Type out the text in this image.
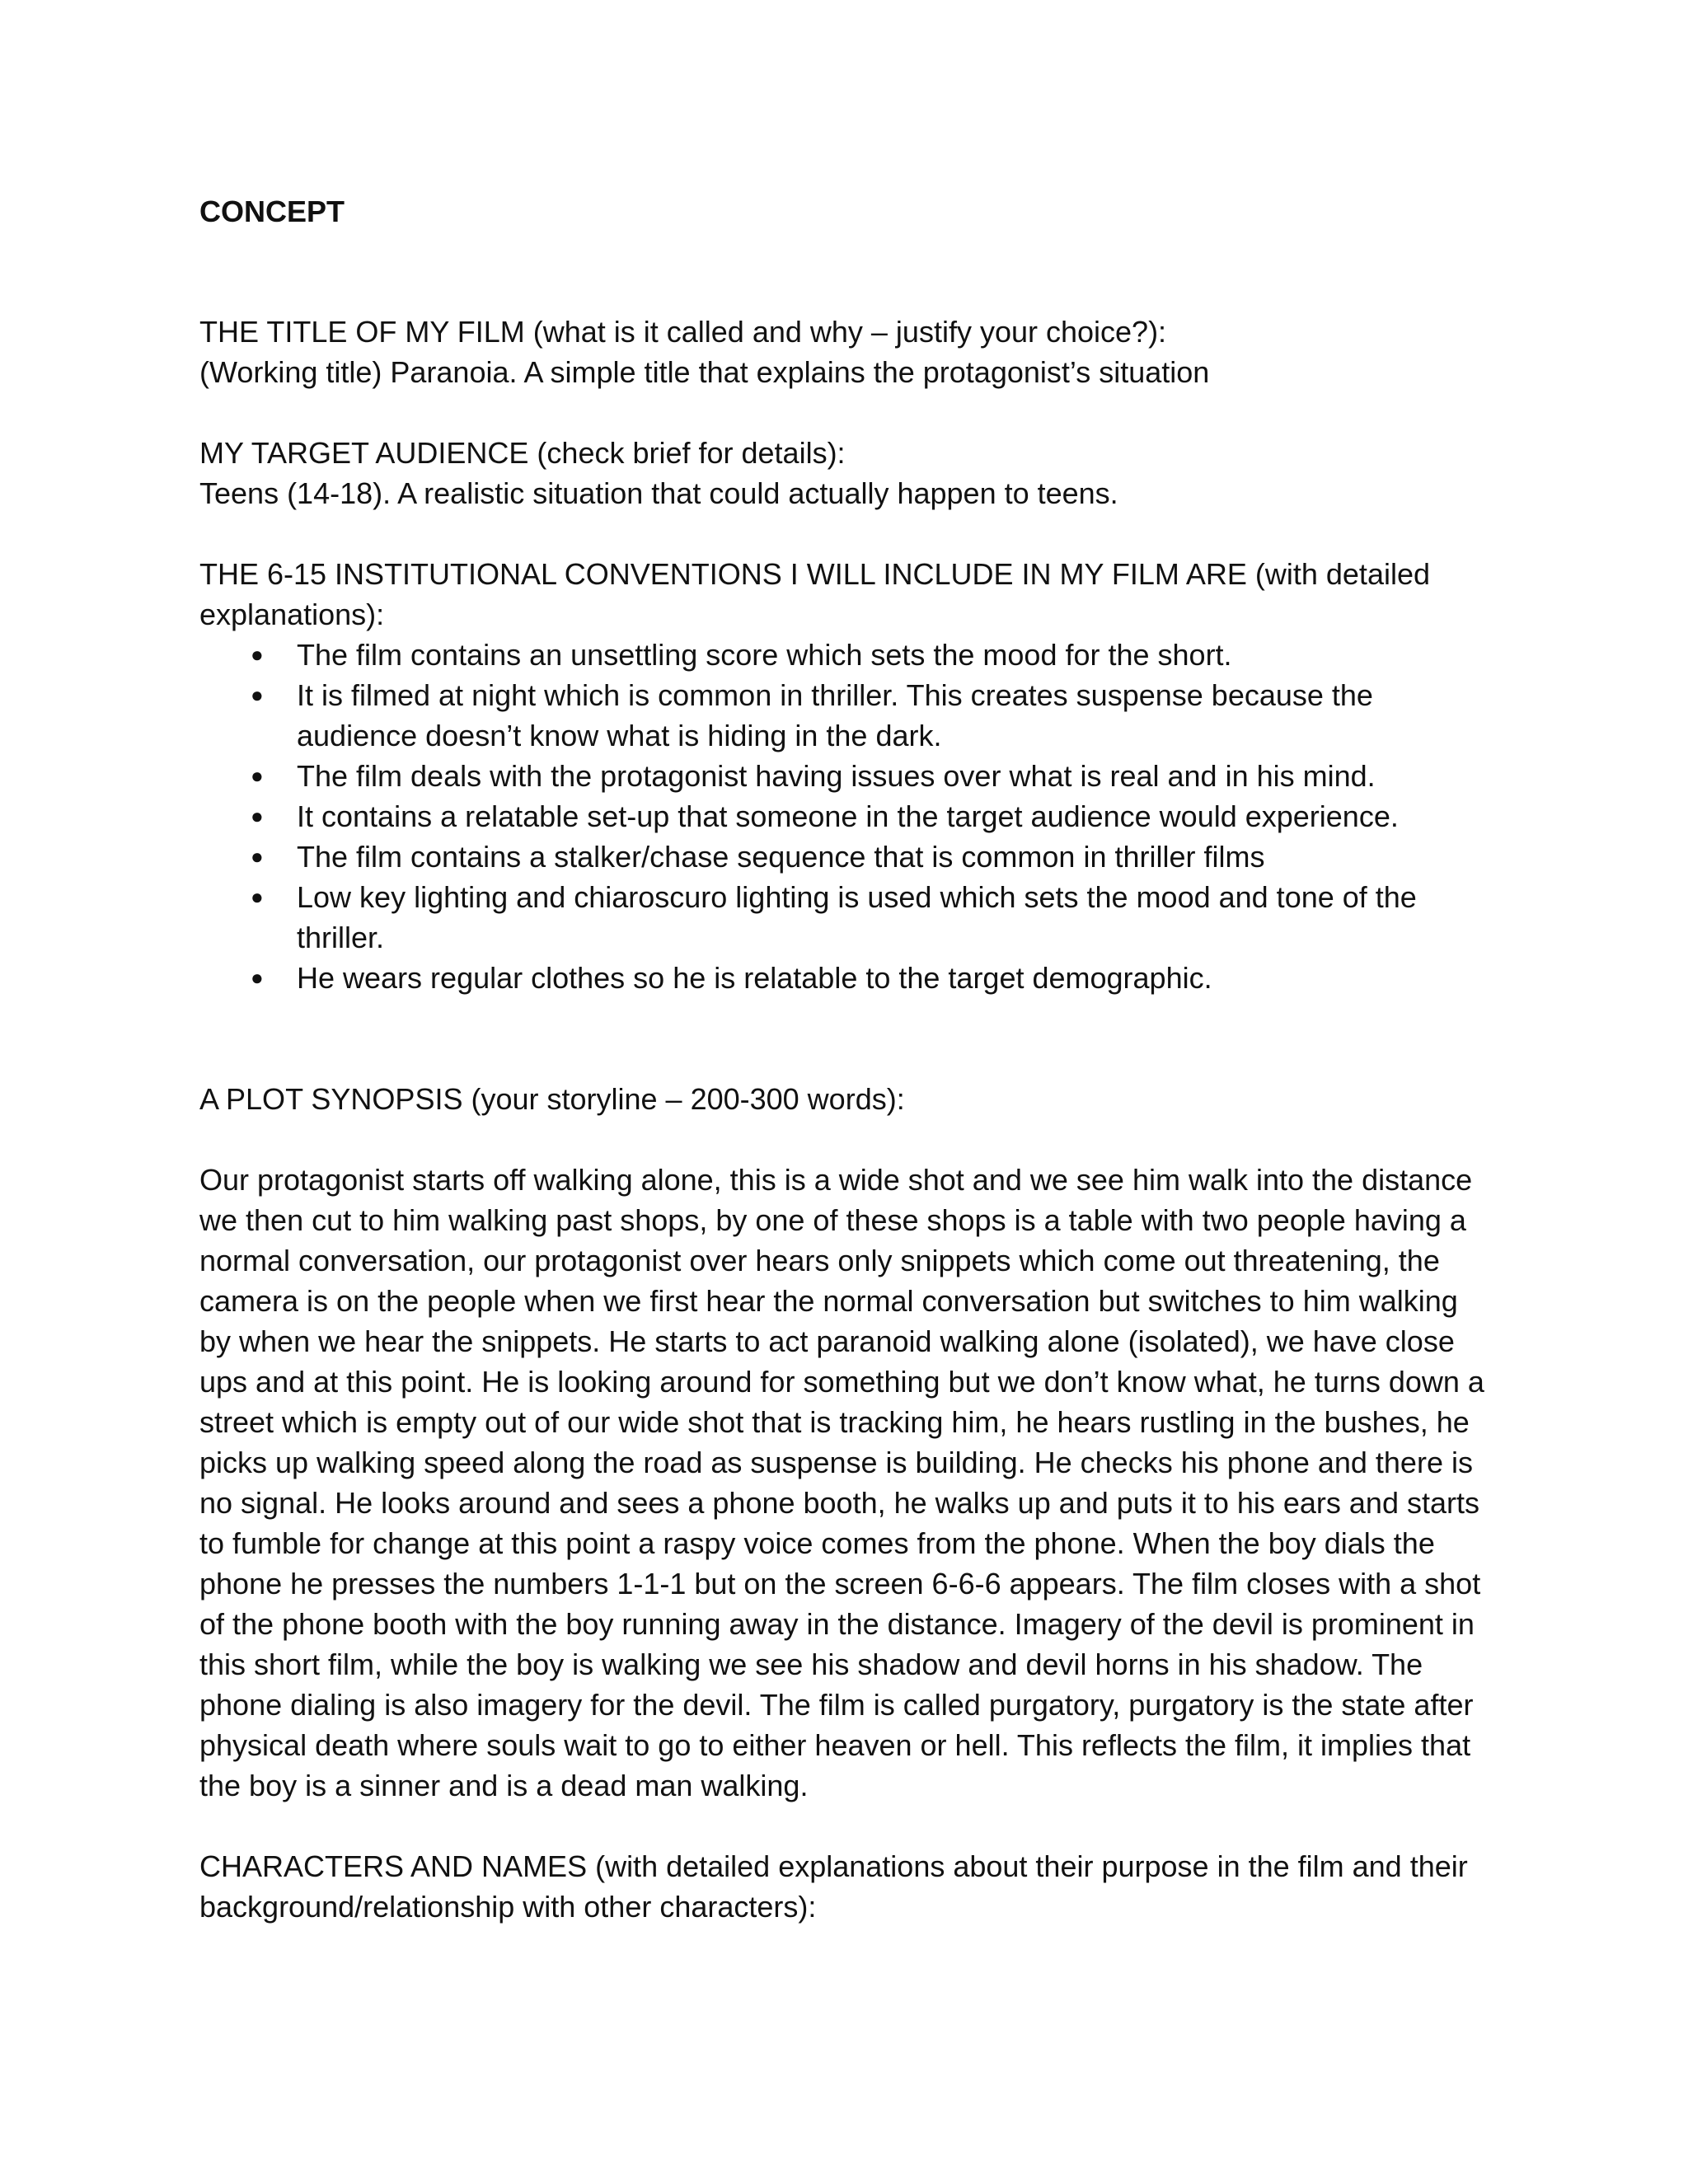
CONCEPT

THE TITLE OF MY FILM (what is it called and why – justify your choice?):

(Working title) Paranoia. A simple title that explains the protagonist’s situation

MY TARGET AUDIENCE (check brief for details):

Teens (14-18). A realistic situation that could actually happen to teens.

THE 6-15 INSTITUTIONAL CONVENTIONS I WILL INCLUDE IN MY FILM ARE (with detailed explanations):

● The film contains an unsettling score which sets the mood for the short.
● It is filmed at night which is common in thriller. This creates suspense because the audience doesn’t know what is hiding in the dark.
● The film deals with the protagonist having issues over what is real and in his mind.
● It contains a relatable set-up that someone in the target audience would experience.
● The film contains a stalker/chase sequence that is common in thriller films
● Low key lighting and chiaroscuro lighting is used which sets the mood and tone of the thriller.
● He wears regular clothes so he is relatable to the target demographic.

A PLOT SYNOPSIS (your storyline – 200-300 words):

Our protagonist starts off walking alone, this is a wide shot and we see him walk into the distance we then cut to him walking past shops, by one of these shops is a table with two people having a normal conversation, our protagonist over hears only snippets which come out threatening, the camera is on the people when we first hear the normal conversation but switches to him walking by when we hear the snippets. He starts to act paranoid walking alone (isolated), we have close ups and at this point. He is looking around for something but we don’t know what, he turns down a street which is empty out of our wide shot that is tracking him, he hears rustling in the bushes, he picks up walking speed along the road as suspense is building. He checks his phone and there is no signal. He looks around and sees a phone booth, he walks up and puts it to his ears and starts to fumble for change at this point a raspy voice comes from the phone. When the boy dials the phone he presses the numbers 1-1-1 but on the screen 6-6-6 appears. The film closes with a shot of the phone booth with the boy running away in the distance. Imagery of the devil is prominent in this short film, while the boy is walking we see his shadow and devil horns in his shadow. The phone dialing is also imagery for the devil. The film is called purgatory, purgatory is the state after physical death where souls wait to go to either heaven or hell. This reflects the film, it implies that the boy is a sinner and is a dead man walking.

CHARACTERS AND NAMES (with detailed explanations about their purpose in the film and their background/relationship with other characters):
